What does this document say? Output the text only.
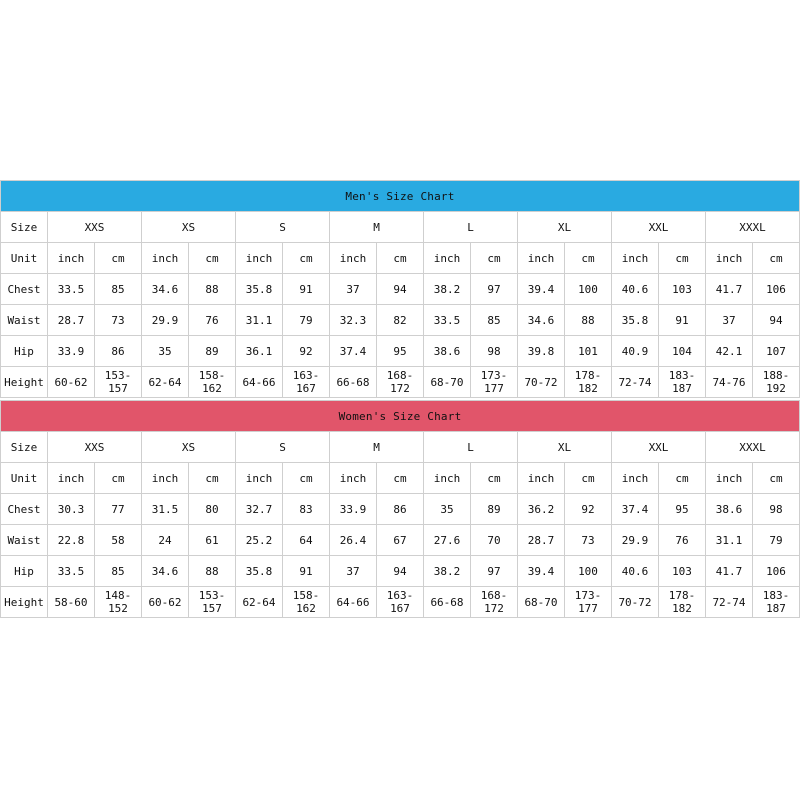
Men's Size Chart																
Size	XXS		XS		S		M		L		XL		XXL		XXXL	
Unit	inch	cm	inch	cm	inch	cm	inch	cm	inch	cm	inch	cm	inch	cm	inch	cm
Chest	33.5	85	34.6	88	35.8	91	37	94	38.2	97	39.4	100	40.6	103	41.7	106
Waist	28.7	73	29.9	76	31.1	79	32.3	82	33.5	85	34.6	88	35.8	91	37	94
Hip	33.9	86	35	89	36.1	92	37.4	95	38.6	98	39.8	101	40.9	104	42.1	107
Height	60-62	153-157	62-64	158-162	64-66	163-167	66-68	168-172	68-70	173-177	70-72	178-182	72-74	183-187	74-76	188-192
Women's Size Chart																
Size	XXS		XS		S		M		L		XL		XXL		XXXL	
Unit	inch	cm	inch	cm	inch	cm	inch	cm	inch	cm	inch	cm	inch	cm	inch	cm
Chest	30.3	77	31.5	80	32.7	83	33.9	86	35	89	36.2	92	37.4	95	38.6	98
Waist	22.8	58	24	61	25.2	64	26.4	67	27.6	70	28.7	73	29.9	76	31.1	79
Hip	33.5	85	34.6	88	35.8	91	37	94	38.2	97	39.4	100	40.6	103	41.7	106
Height	58-60	148-152	60-62	153-157	62-64	158-162	64-66	163-167	66-68	168-172	68-70	173-177	70-72	178-182	72-74	183-187
